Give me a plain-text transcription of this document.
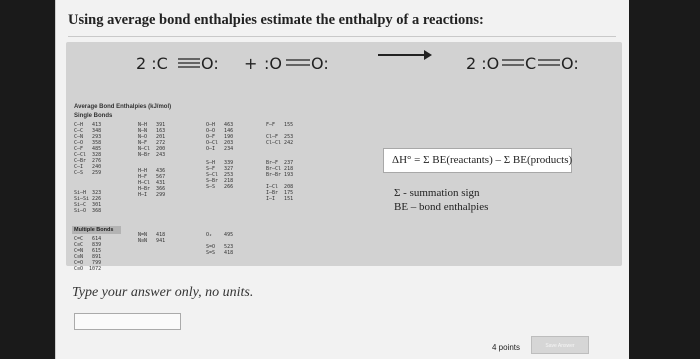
Using average bond enthalpies estimate the enthalpy of a reactions:
2 :C O: + :O O:	2 :O C O:
Average Bond Enthalpies (kJ/mol)
Single Bonds
C—H   413
C—C   348
C—N   293
C—O   358
C—F   485
C—Cl  328
C—Br  276
C—I   240
C—S   259
Si—H  323
Si—Si 226
Si—C  301
Si—O  368
N—H   391
N—N   163
N—O   201
N—F   272
N—Cl  200
N—Br  243
H—H   436
H—F   567
H—Cl  431
H—Br  366
H—I   299
O—H   463
O—O   146
O—F   190
O—Cl  203
O—I   234
S—H   339
S—F   327
S—Cl  253
S—Br  218
S—S   266
F—F   155

Cl—F  253
Cl—Cl 242
Br—F  237
Br—Cl 218
Br—Br 193

I—Cl  208
I—Br  175
I—I   151
Multiple Bonds
C=C   614
C≡C   839
C=N   615
C≡N   891
C=O   799
C≡O  1072
N=N   418
N≡N   941
O₂    495

S=O   523
S=S   418
ΔH° = Σ BE(reactants) – Σ BE(products)
Σ - summation sign
BE – bond enthalpies
Type your answer only, no units.
4 points	Save Answer
